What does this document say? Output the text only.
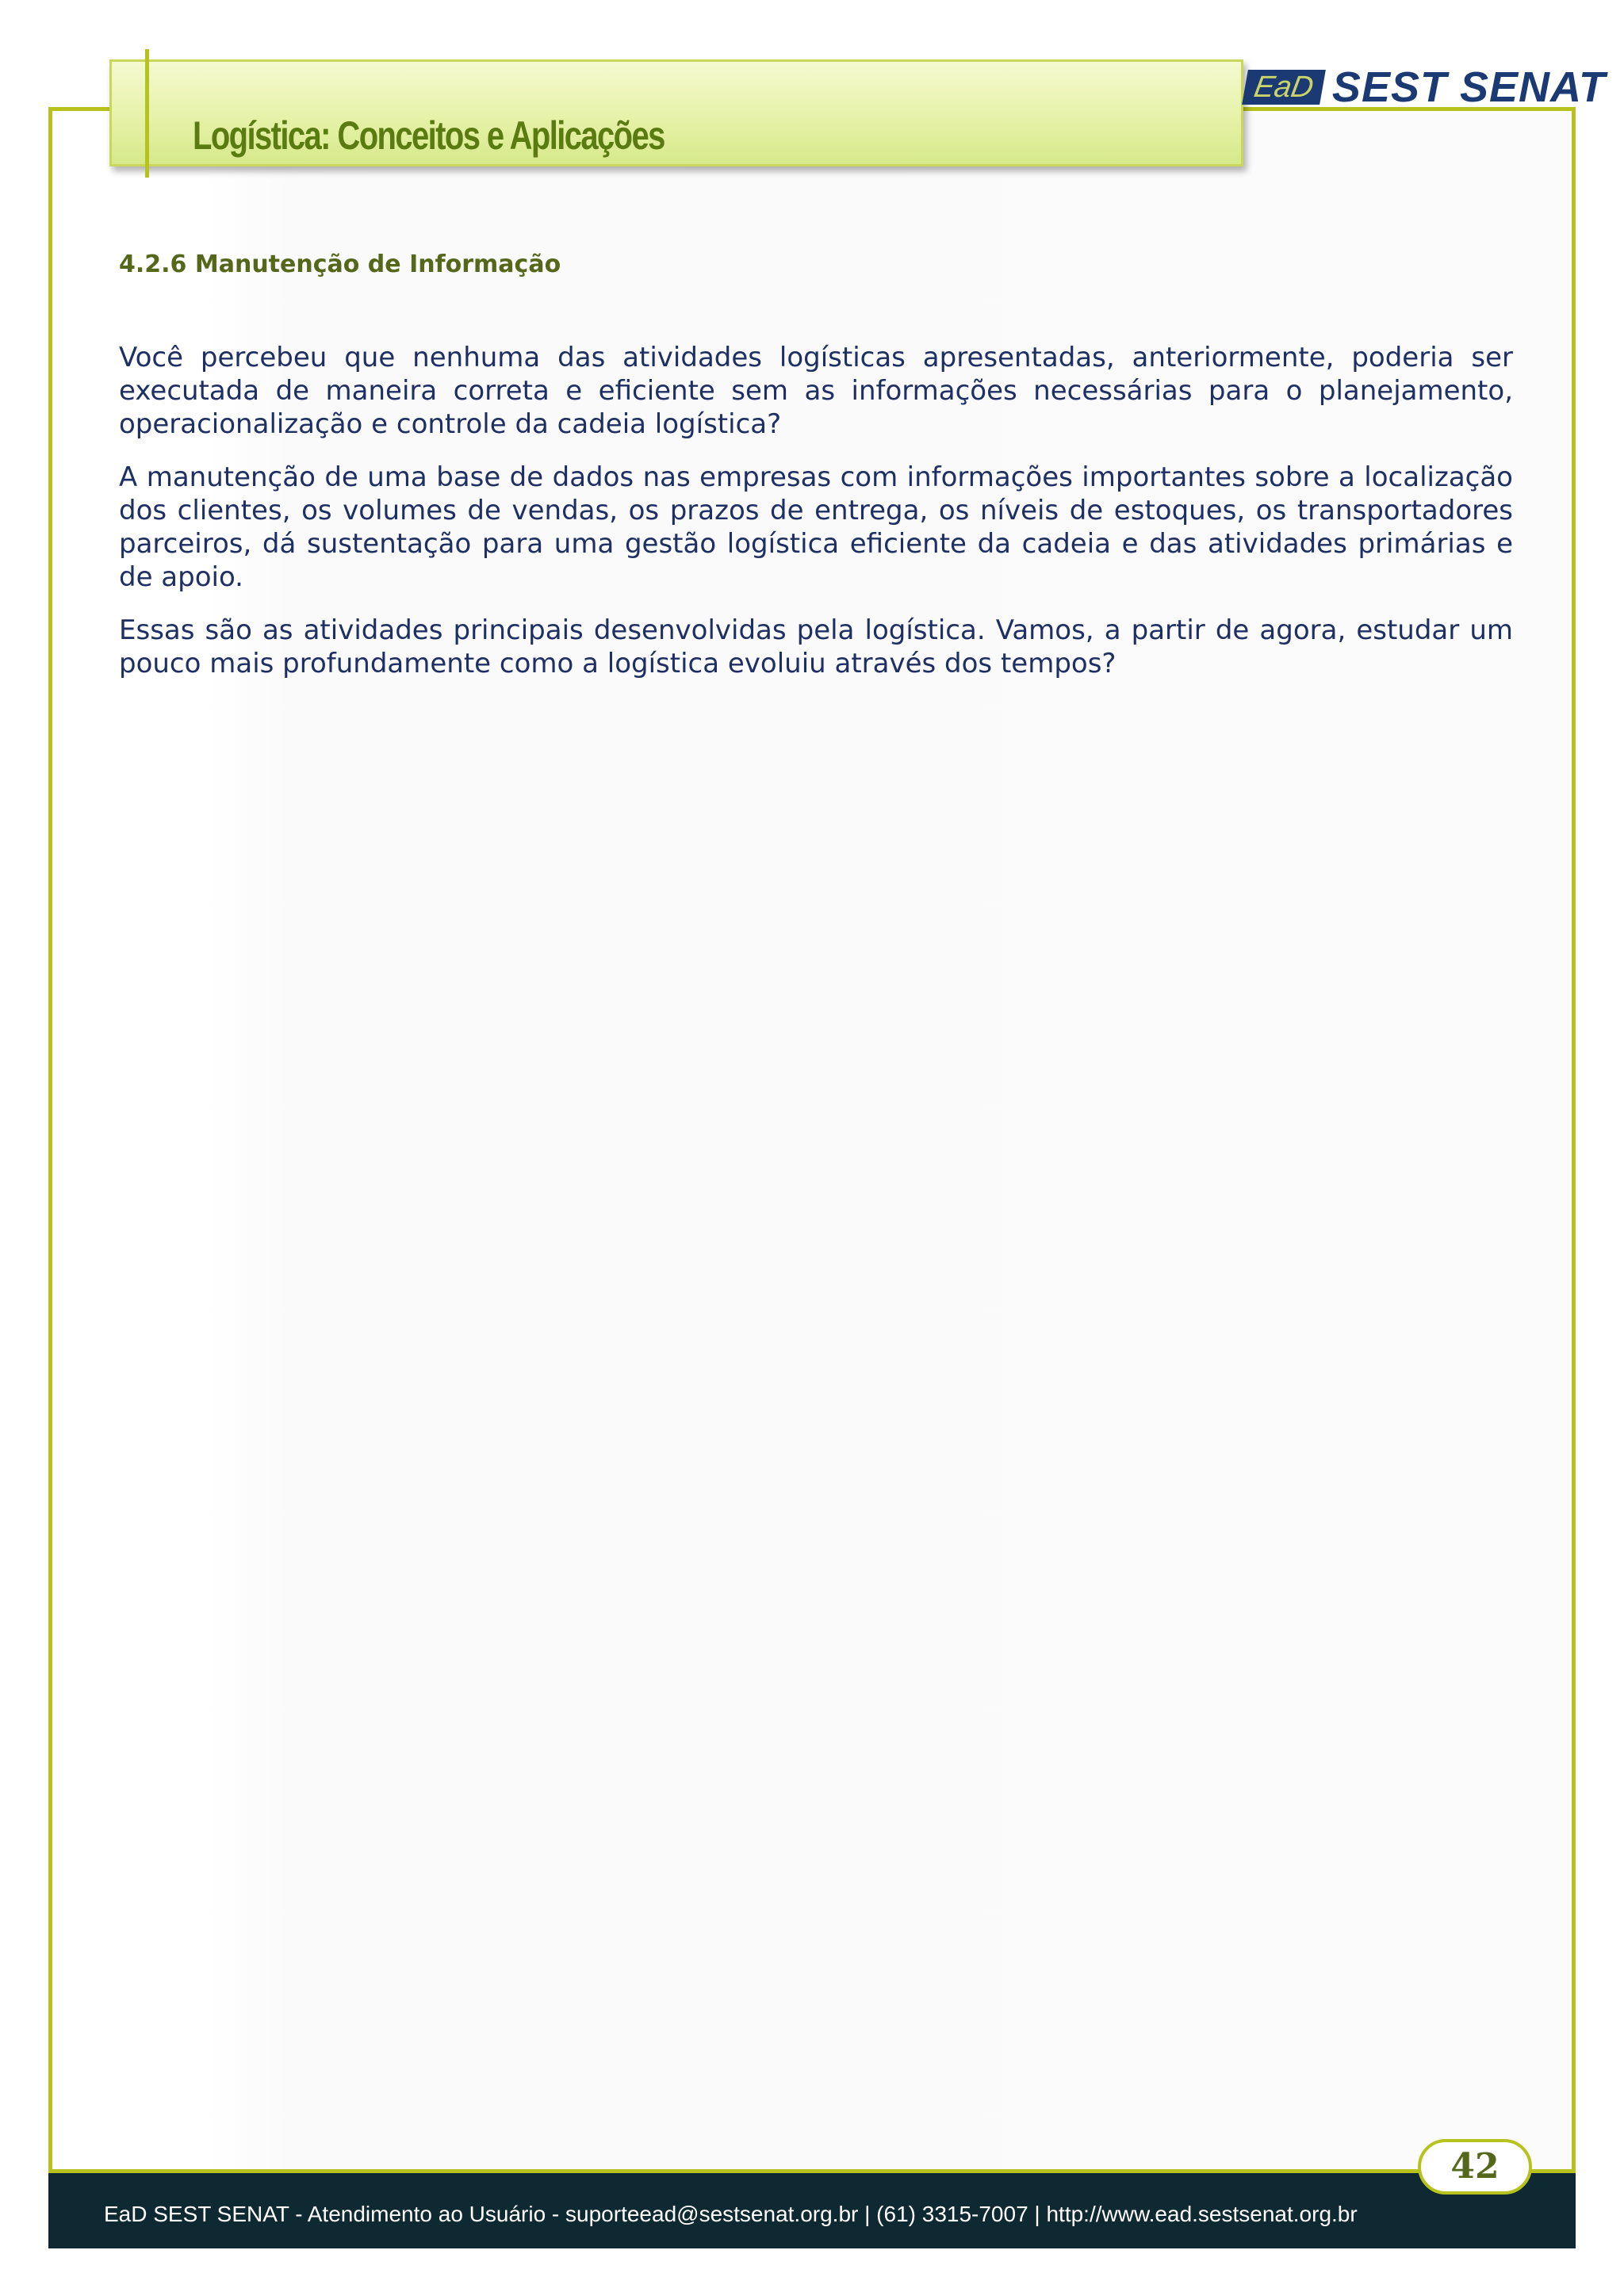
Logística: Conceitos e Aplicações
EaD SEST SENAT
4.2.6 Manutenção de Informação

Você percebeu que nenhuma das atividades logísticas apresentadas, anteriormente, poderia ser executada de maneira correta e eficiente sem as informações necessárias para o planejamento, operacionalização e controle da cadeia logística?

A manutenção de uma base de dados nas empresas com informações importantes sobre a localização dos clientes, os volumes de vendas, os prazos de entrega, os níveis de estoques, os transportadores parceiros, dá sustentação para uma gestão logística eficiente da cadeia e das atividades primárias e de apoio.

Essas são as atividades principais desenvolvidas pela logística. Vamos, a partir de agora, estudar um pouco mais profundamente como a logística evoluiu através dos tempos?

EaD SEST SENAT - Atendimento ao Usuário - suporteead@sestsenat.org.br | (61) 3315-7007 | http://www.ead.sestsenat.org.br
42
